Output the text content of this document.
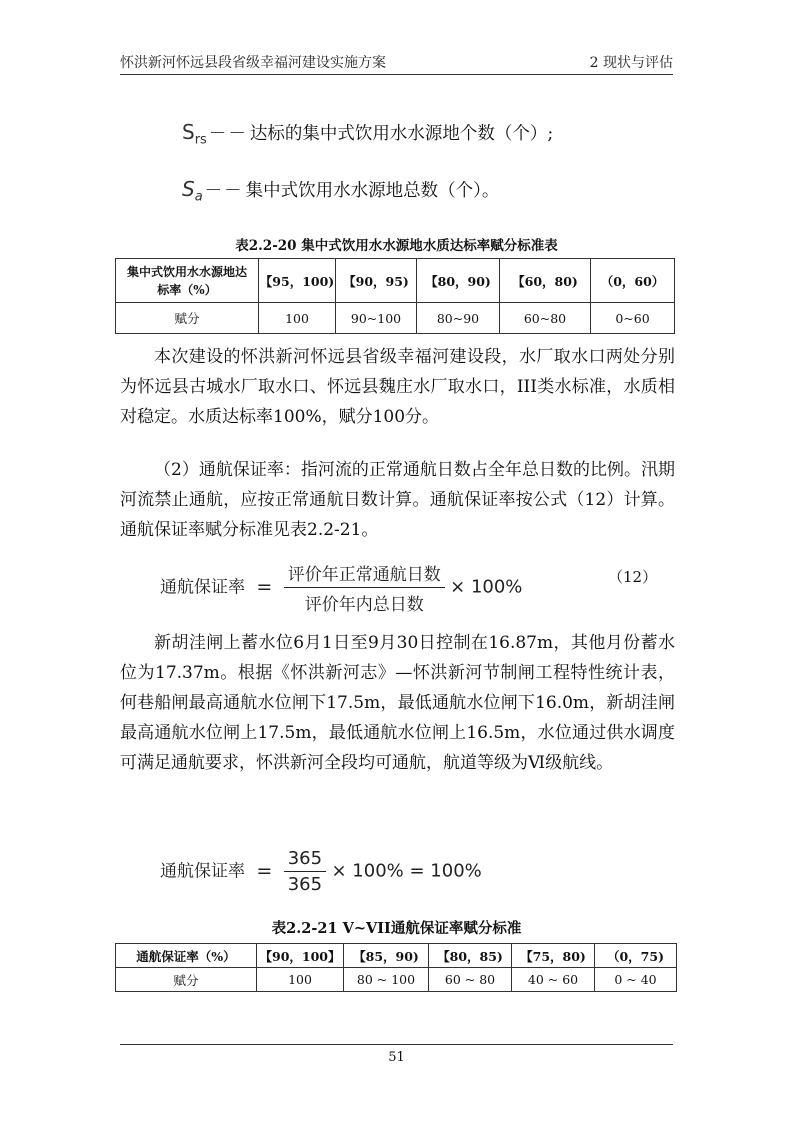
怀洪新河怀远县段省级幸福河建设实施方案	2 现状与评估
$S_{rs}$ －－ 达标的集中式饮用水水源地个数（个）;
$S_a$ －－ 集中式饮用水水源地总数（个）。
表2.2-20 集中式饮用水水源地水质达标率赋分标准表
集中式饮用水水源地达标率（%）	【95，100)	【90，95)	【80，90)	【60，80)	（0，60）
赋分	100	90~100	80~90	60~80	0~60
本次建设的怀洪新河怀远县省级幸福河建设段，水厂取水口两处分别为怀远县古城水厂取水口、怀远县魏庄水厂取水口，III类水标准，水质相对稳定。水质达标率100%，赋分100分。
（2）通航保证率：指河流的正常通航日数占全年总日数的比例。汛期河流禁止通航，应按正常通航日数计算。通航保证率按公式（12）计算。通航保证率赋分标准见表2.2-21。
通航保证率 = $\frac{\text{评价年正常通航日数}}{\text{评价年内总日数}} \times 100\%$	（12）
新胡洼闸上蓄水位6月1日至9月30日控制在16.87m，其他月份蓄水位为17.37m。根据《怀洪新河志》—怀洪新河节制闸工程特性统计表，何巷船闸最高通航水位闸下17.5m，最低通航水位闸下16.0m，新胡洼闸最高通航水位闸上17.5m，最低通航水位闸上16.5m，水位通过供水调度可满足通航要求，怀洪新河全段均可通航，航道等级为Ⅵ级航线。
通航保证率 = $\frac{365}{365} \times 100\% = 100\%$
表2.2-21 V~VII通航保证率赋分标准
通航保证率（%）	【90，100】	【85，90)	【80，85)	【75，80)	（0，75)
赋分	100	80 ~ 100	60 ~ 80	40 ~ 60	0 ~ 40
51
